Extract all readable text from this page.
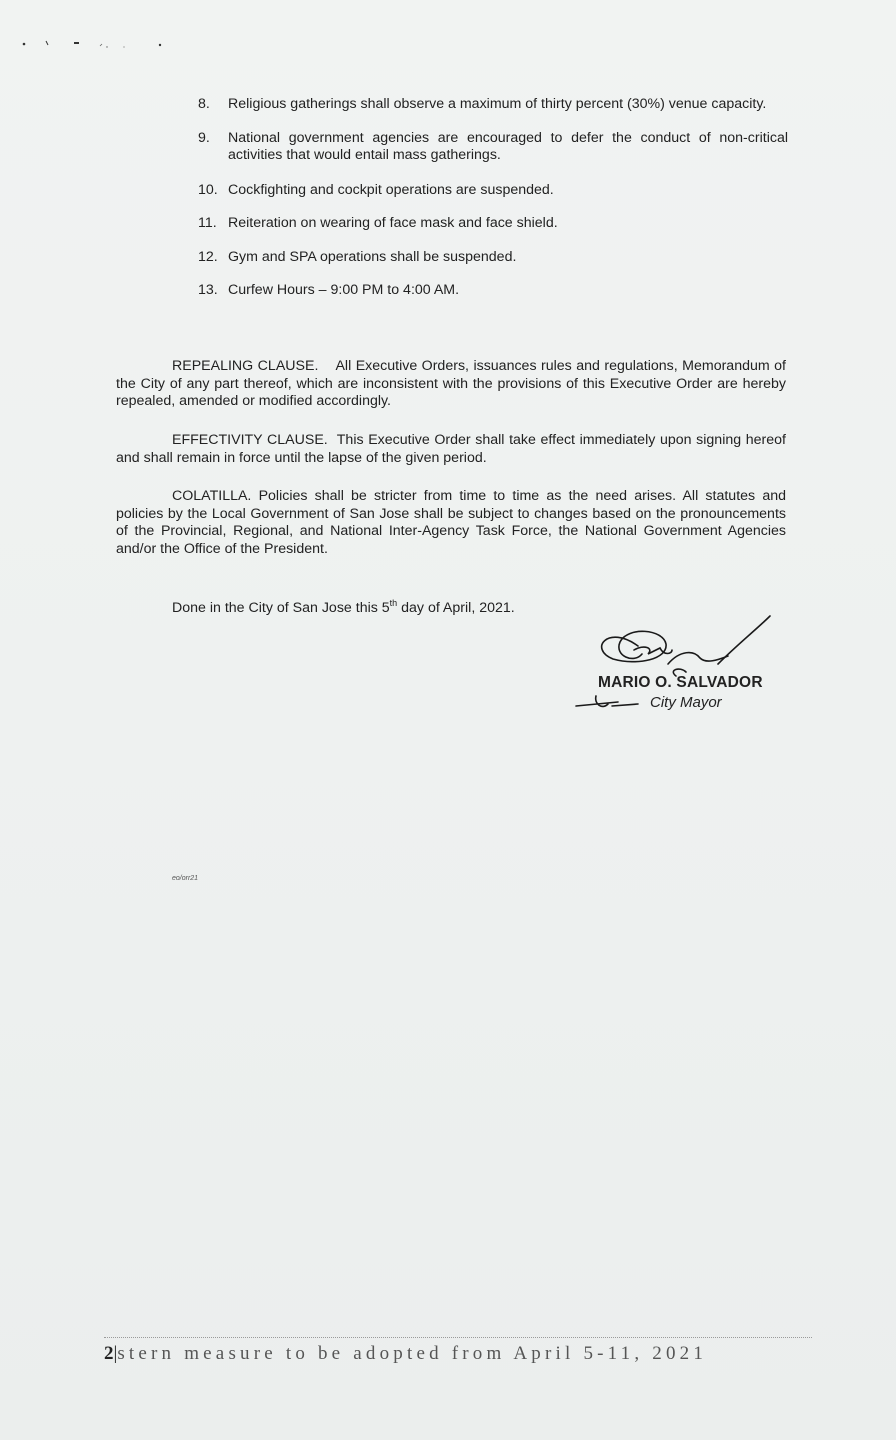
8.	Religious gatherings shall observe a maximum of thirty percent (30%) venue capacity.
9.	National government agencies are encouraged to defer the conduct of non-critical activities that would entail mass gatherings.
10. Cockfighting and cockpit operations are suspended.
11. Reiteration on wearing of face mask and face shield.
12. Gym and SPA operations shall be suspended.
13. Curfew Hours – 9:00 PM to 4:00 AM.

REPEALING CLAUSE.    All Executive Orders, issuances rules and regulations, Memorandum of the City of any part thereof, which are inconsistent with the provisions of this Executive Order are hereby repealed, amended or modified accordingly.

EFFECTIVITY CLAUSE.  This Executive Order shall take effect immediately upon signing hereof and shall remain in force until the lapse of the given period.

COLATILLA. Policies shall be stricter from time to time as the need arises. All statutes and policies by the Local Government of San Jose shall be subject to changes based on the pronouncements of the Provincial, Regional, and National Inter-Agency Task Force, the National Government Agencies and/or the Office of the President.

Done in the City of San Jose this 5th day of April, 2021.

MARIO O. SALVADOR

City Mayor

eo/orr21

2|stern measure to be adopted from April 5-11, 2021
